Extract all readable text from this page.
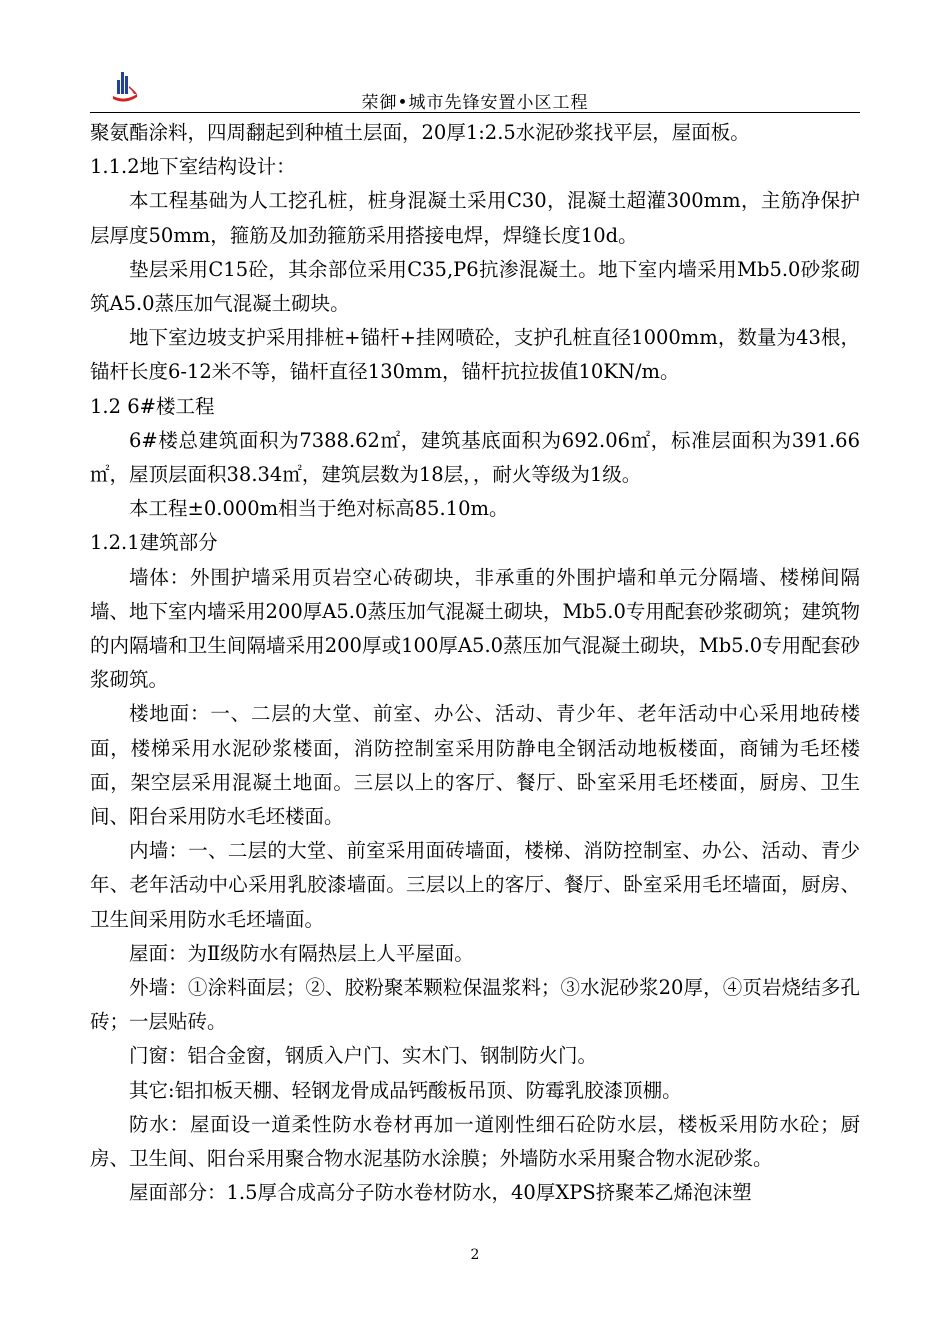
荣御•城市先锋安置小区工程

聚氨酯涂料，四周翻起到种植土层面，20厚1:2.5水泥砂浆找平层，屋面板。

1.1.2地下室结构设计：

本工程基础为人工挖孔桩，桩身混凝土采用C30，混凝土超灌300mm，主筋净保护层厚度50mm，箍筋及加劲箍筋采用搭接电焊，焊缝长度10d。

垫层采用C15砼，其余部位采用C35,P6抗渗混凝土。地下室内墙采用Mb5.0砂浆砌筑A5.0蒸压加气混凝土砌块。

地下室边坡支护采用排桩+锚杆+挂网喷砼，支护孔桩直径1000mm，数量为43根，锚杆长度6-12米不等，锚杆直径130mm，锚杆抗拉拔值10KN/m。

1.2 6#楼工程

6#楼总建筑面积为7388.62㎡，建筑基底面积为692.06㎡，标准层面积为391.66㎡，屋顶层面积38.34㎡，建筑层数为18层，，耐火等级为1级。

本工程±0.000m相当于绝对标高85.10m。

1.2.1建筑部分

墙体：外围护墙采用页岩空心砖砌块，非承重的外围护墙和单元分隔墙、楼梯间隔墙、地下室内墙采用200厚A5.0蒸压加气混凝土砌块，Mb5.0专用配套砂浆砌筑；建筑物的内隔墙和卫生间隔墙采用200厚或100厚A5.0蒸压加气混凝土砌块，Mb5.0专用配套砂浆砌筑。

楼地面：一、二层的大堂、前室、办公、活动、青少年、老年活动中心采用地砖楼面，楼梯采用水泥砂浆楼面，消防控制室采用防静电全钢活动地板楼面，商铺为毛坯楼面，架空层采用混凝土地面。三层以上的客厅、餐厅、卧室采用毛坯楼面，厨房、卫生间、阳台采用防水毛坯楼面。

内墙：一、二层的大堂、前室采用面砖墙面，楼梯、消防控制室、办公、活动、青少年、老年活动中心采用乳胶漆墙面。三层以上的客厅、餐厅、卧室采用毛坯墙面，厨房、卫生间采用防水毛坯墙面。

屋面：为Ⅱ级防水有隔热层上人平屋面。

外墙：①涂料面层；②、胶粉聚苯颗粒保温浆料；③水泥砂浆20厚，④页岩烧结多孔砖；一层贴砖。

门窗：铝合金窗，钢质入户门、实木门、钢制防火门。

其它:铝扣板天棚、轻钢龙骨成品钙酸板吊顶、防霉乳胶漆顶棚。

防水：屋面设一道柔性防水卷材再加一道刚性细石砼防水层，楼板采用防水砼；厨房、卫生间、阳台采用聚合物水泥基防水涂膜；外墙防水采用聚合物水泥砂浆。

屋面部分：1.5厚合成高分子防水卷材防水，40厚XPS挤聚苯乙烯泡沫塑

2
